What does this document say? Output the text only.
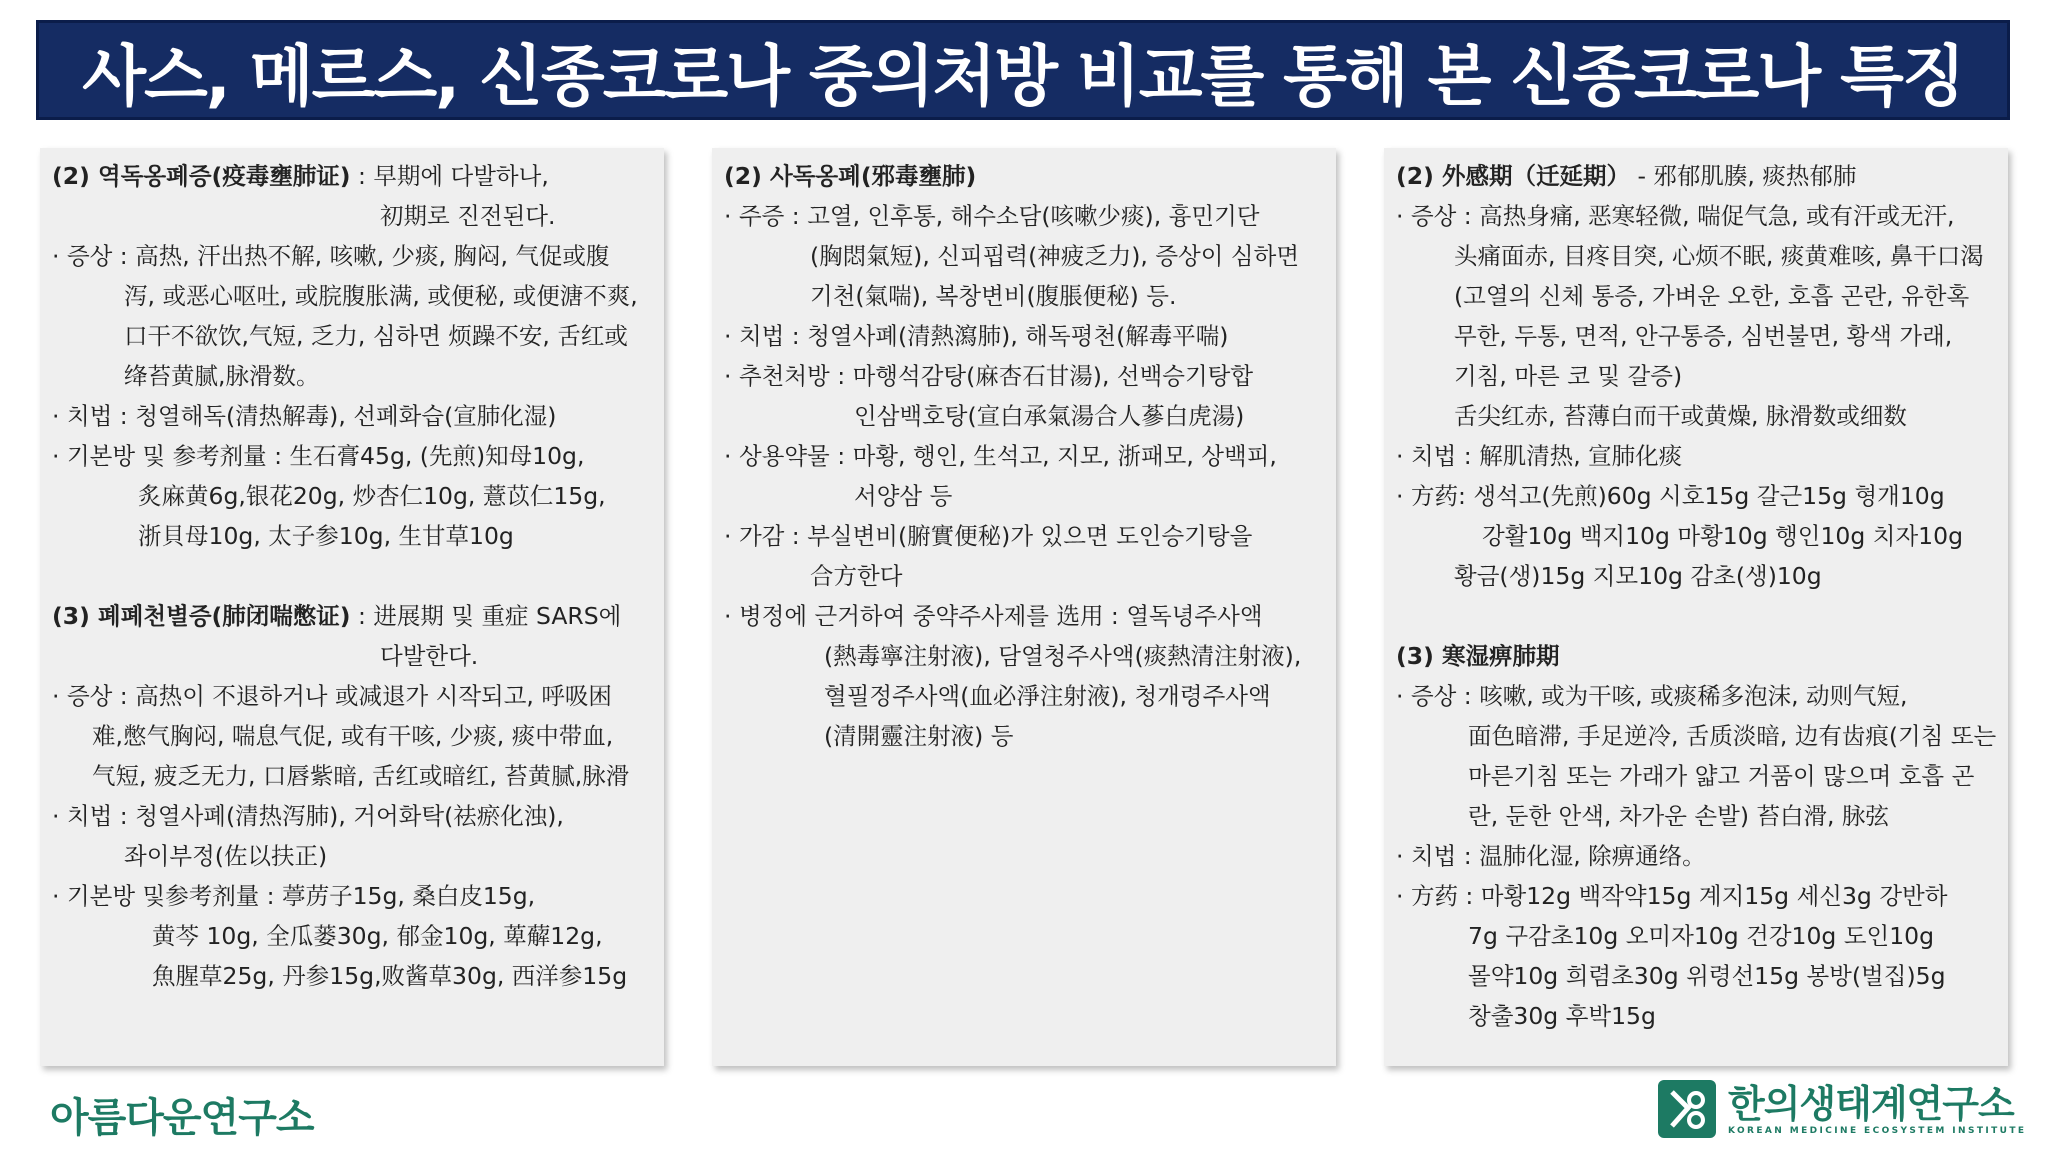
사스, 메르스, 신종코로나 중의처방 비교를 통해 본 신종코로나 특징
(2) 역독옹폐증(疫毒壅肺证) : 早期에 다발하나,
初期로 진전된다.
· 증상 : 高热, 汗出热不解, 咳嗽, 少痰, 胸闷, 气促或腹
泻, 或恶心呕吐, 或脘腹胀满, 或便秘, 或便溏不爽,
口干不欲饮,气短, 乏力, 심하면 烦躁不安, 舌红或
绛苔黄腻,脉滑数。
· 치법 : 청열해독(清热解毒), 선폐화습(宣肺化湿)
· 기본방 및 参考剂量 : 生石膏45g, (先煎)知母10g,
炙麻黄6g,银花20g, 炒杏仁10g, 薏苡仁15g,
浙貝母10g, 太子参10g, 生甘草10g
(3) 폐폐천별증(肺闭喘憋证) : 进展期 및 重症 SARS에
다발한다.
· 증상 : 高热이 不退하거나 或减退가 시작되고, 呼吸困
难,憋气胸闷, 喘息气促, 或有干咳, 少痰, 痰中带血,
气短, 疲乏无力, 口唇紫暗, 舌红或暗红, 苔黄腻,脉滑
· 치법 : 청열사폐(清热泻肺), 거어화탁(祛瘀化浊),
좌이부정(佐以扶正)
· 기본방 및参考剂量 : 葶苈子15g, 桑白皮15g,
黄芩 10g, 全瓜蒌30g, 郁金10g, 萆薢12g,
魚腥草25g, 丹参15g,败酱草30g, 西洋参15g
(2) 사독옹폐(邪毒壅肺)
· 주증 : 고열, 인후통, 해수소담(咳嗽少痰), 흉민기단
(胸悶氣短), 신피핍력(神疲乏力), 증상이 심하면
기천(氣喘), 복창변비(腹脹便秘) 등.
· 치법 : 청열사폐(清熱瀉肺), 해독평천(解毒平喘)
· 추천처방 : 마행석감탕(麻杏石甘湯), 선백승기탕합
인삼백호탕(宣白承氣湯合人蔘白虎湯)
· 상용약물 : 마황, 행인, 生석고, 지모, 浙패모, 상백피,
서양삼 등
· 가감 : 부실변비(腑實便秘)가 있으면 도인승기탕을
合方한다
· 병정에 근거하여 중약주사제를 选用 : 열독녕주사액
(熱毒寧注射液), 담열청주사액(痰熱清注射液),
혈필정주사액(血必淨注射液), 청개령주사액
(清開靈注射液) 등
(2) 外感期（迁延期） - 邪郁肌腠, 痰热郁肺
· 증상 : 高热身痛, 恶寒轻微, 喘促气急, 或有汗或无汗,
头痛面赤, 目疼目突, 心烦不眠, 痰黄难咳, 鼻干口渴
(고열의 신체 통증, 가벼운 오한, 호흡 곤란, 유한혹
무한, 두통, 면적, 안구통증, 심번불면, 황색 가래,
기침, 마른 코 및 갈증)
舌尖红赤, 苔薄白而干或黄燥, 脉滑数或细数
· 치법 : 解肌清热, 宣肺化痰
· 方药: 생석고(先煎)60g 시호15g 갈근15g 형개10g
강활10g 백지10g 마황10g 행인10g 치자10g
황금(생)15g 지모10g 감초(생)10g
(3) 寒湿痹肺期
· 증상 : 咳嗽, 或为干咳, 或痰稀多泡沫, 动则气短,
面色暗滞, 手足逆冷, 舌质淡暗, 边有齿痕(기침 또는
마른기침 또는 가래가 얇고 거품이 많으며 호흡 곤
란, 둔한 안색, 차가운 손발) 苔白滑, 脉弦
· 치법 : 温肺化湿, 除痹通络。
· 方药 : 마황12g 백작약15g 계지15g 세신3g 강반하
7g 구감초10g 오미자10g 건강10g 도인10g
몰약10g 희렴초30g 위령선15g 봉방(벌집)5g
창출30g 후박15g
아름다운연구소	한의생태계연구소
KOREAN MEDICINE ECOSYSTEM INSTITUTE
